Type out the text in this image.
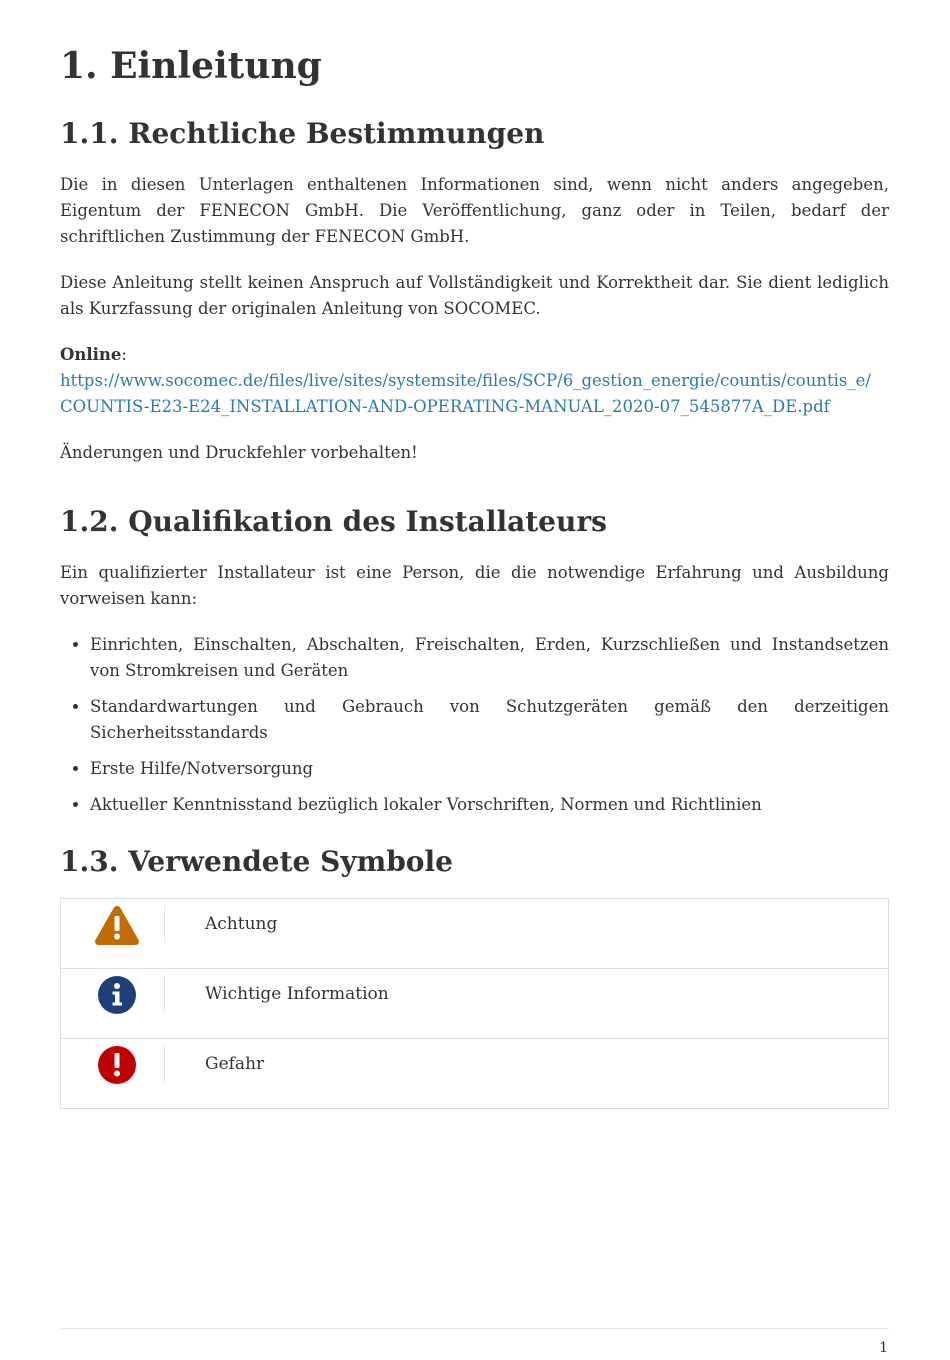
1. Einleitung
1.1. Rechtliche Bestimmungen

Die in diesen Unterlagen enthaltenen Informationen sind, wenn nicht anders angegeben, Eigentum der FENECON GmbH. Die Veröffentlichung, ganz oder in Teilen, bedarf der schriftlichen Zustimmung der FENECON GmbH.

Diese Anleitung stellt keinen Anspruch auf Vollständigkeit und Korrektheit dar. Sie dient lediglich als Kurzfassung der originalen Anleitung von SOCOMEC.

Online:
https://www.socomec.de/files/live/sites/systemsite/files/SCP/6_gestion_energie/countis/countis_e/
COUNTIS-E23-E24_INSTALLATION-AND-OPERATING-MANUAL_2020-07_545877A_DE.pdf

Änderungen und Druckfehler vorbehalten!

1.2. Qualifikation des Installateurs

Ein qualifizierter Installateur ist eine Person, die die notwendige Erfahrung und Ausbildung vorweisen kann:

• Einrichten, Einschalten, Abschalten, Freischalten, Erden, Kurzschließen und Instandsetzen von Stromkreisen und Geräten
• Standardwartungen und Gebrauch von Schutzgeräten gemäß den derzeitigen Sicherheitsstandards
• Erste Hilfe/Notversorgung
• Aktueller Kenntnisstand bezüglich lokaler Vorschriften, Normen und Richtlinien
1.3. Verwendete Symbole

Achtung

Wichtige Information

Gefahr
1
